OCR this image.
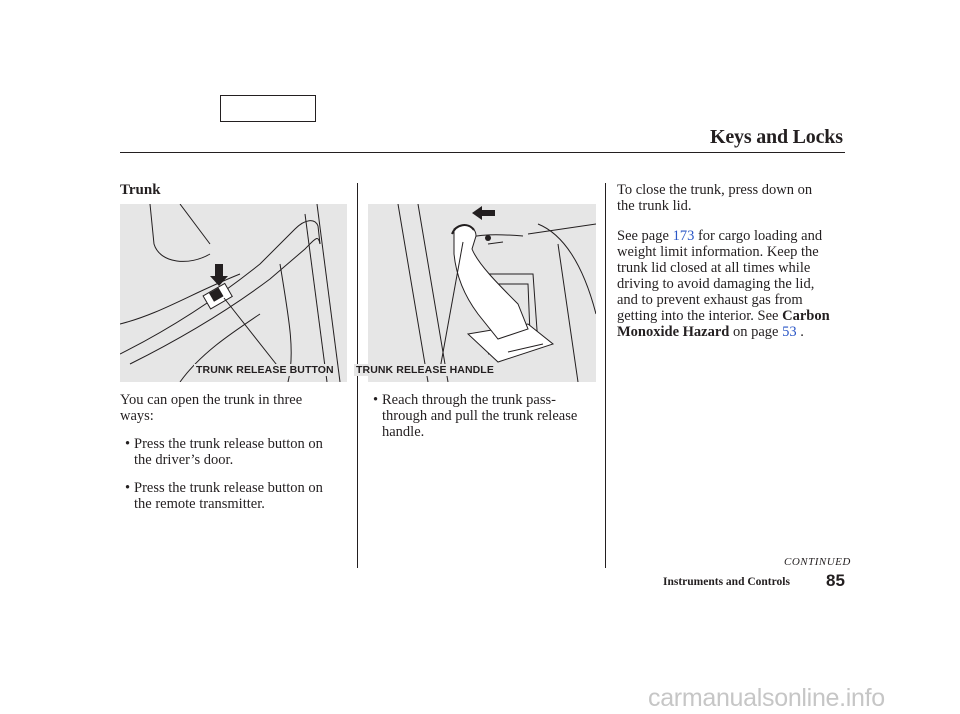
Keys and Locks
Trunk
TRUNK RELEASE BUTTON
You can open the trunk in three
ways:
• Press the trunk release button on
the driver’s door.
• Press the trunk release button on
the remote transmitter.
TRUNK RELEASE HANDLE
• Reach through the trunk pass-
through and pull the trunk release
handle.
To close the trunk, press down on
the trunk lid.
See page 173 for cargo loading and
weight limit information. Keep the
trunk lid closed at all times while
driving to avoid damaging the lid,
and to prevent exhaust gas from
getting into the interior. See Carbon
Monoxide Hazard on page 53 .
CONTINUED
Instruments and Controls 85
carmanualsonline.info
